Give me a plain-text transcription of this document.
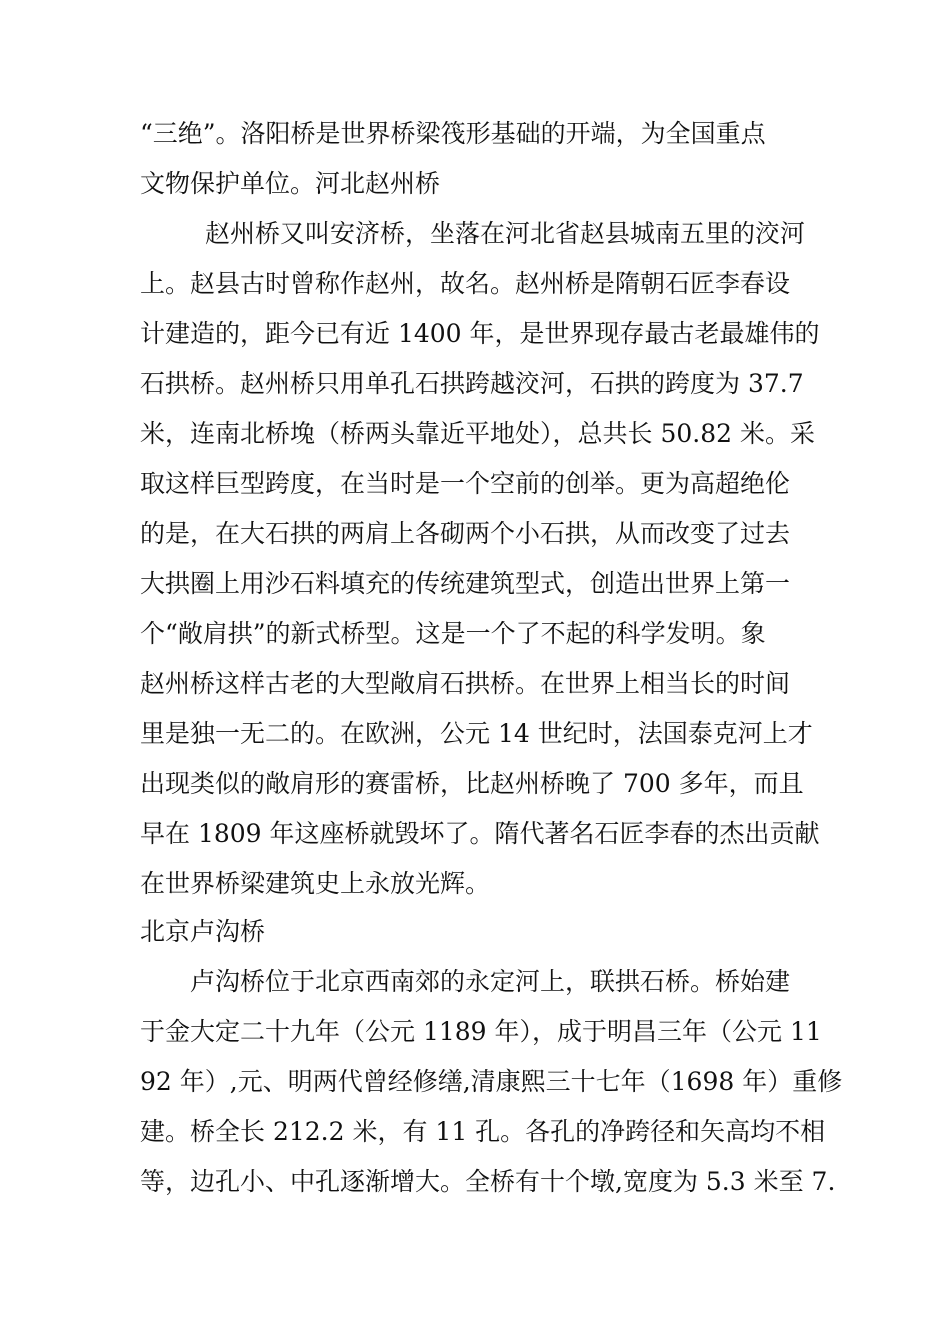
“三绝”。洛阳桥是世界桥梁筏形基础的开端，为全国重点
文物保护单位。河北赵州桥
赵州桥又叫安济桥，坐落在河北省赵县城南五里的洨河
上。赵县古时曾称作赵州，故名。赵州桥是隋朝石匠李春设
计建造的，距今已有近 1400 年，是世界现存最古老最雄伟的
石拱桥。赵州桥只用单孔石拱跨越洨河，石拱的跨度为 37.7
米，连南北桥堍（桥两头靠近平地处），总共长 50.82 米。采
取这样巨型跨度，在当时是一个空前的创举。更为高超绝伦
的是，在大石拱的两肩上各砌两个小石拱，从而改变了过去
大拱圈上用沙石料填充的传统建筑型式，创造出世界上第一
个“敞肩拱”的新式桥型。这是一个了不起的科学发明。象
赵州桥这样古老的大型敞肩石拱桥。在世界上相当长的时间
里是独一无二的。在欧洲，公元 14 世纪时，法国泰克河上才
出现类似的敞肩形的赛雷桥，比赵州桥晚了 700 多年，而且
早在 1809 年这座桥就毁坏了。隋代著名石匠李春的杰出贡献
在世界桥梁建筑史上永放光辉。
北京卢沟桥
卢沟桥位于北京西南郊的永定河上，联拱石桥。桥始建
于金大定二十九年（公元 1189 年），成于明昌三年（公元 11
92 年）,元、明两代曾经修缮,清康熙三十七年（1698 年）重修
建。桥全长 212.2 米，有 11 孔。各孔的净跨径和矢高均不相
等，边孔小、中孔逐渐增大。全桥有十个墩,宽度为 5.3 米至 7.
